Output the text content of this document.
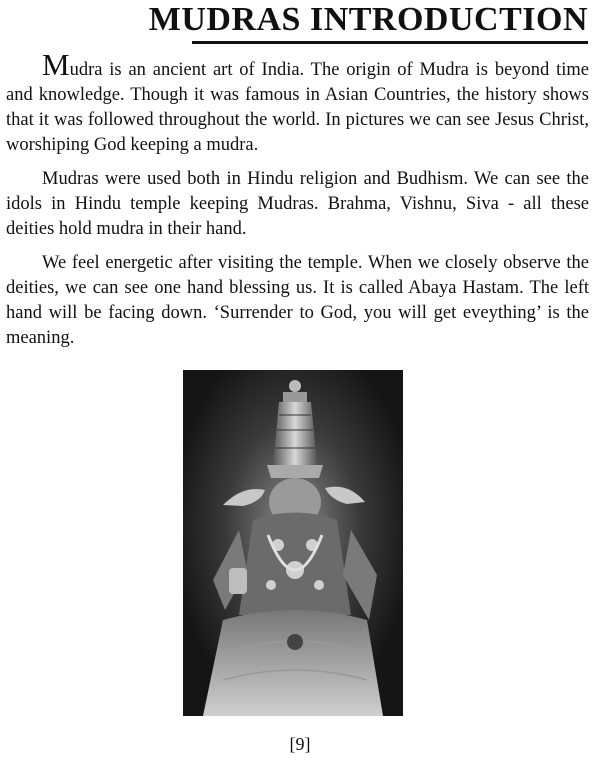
MUDRAS INTRODUCTION

Mudra is an ancient art of India. The origin of Mudra is beyond time and knowledge. Though it was famous in Asian Countries, the history shows that it was followed throughout the world. In pictures we can see Jesus Christ, worshiping God keeping a mudra.

Mudras were used both in Hindu religion and Budhism. We can see the idols in Hindu temple keeping Mudras. Brahma, Vishnu, Siva - all these deities hold mudra in their hand.

We feel energetic after visiting the temple. When we closely observe the deities, we can see one hand blessing us. It is called Abaya Hastam. The left hand will be facing down. ‘Surrender to God, you will get eveything’ is the meaning.

[9]
